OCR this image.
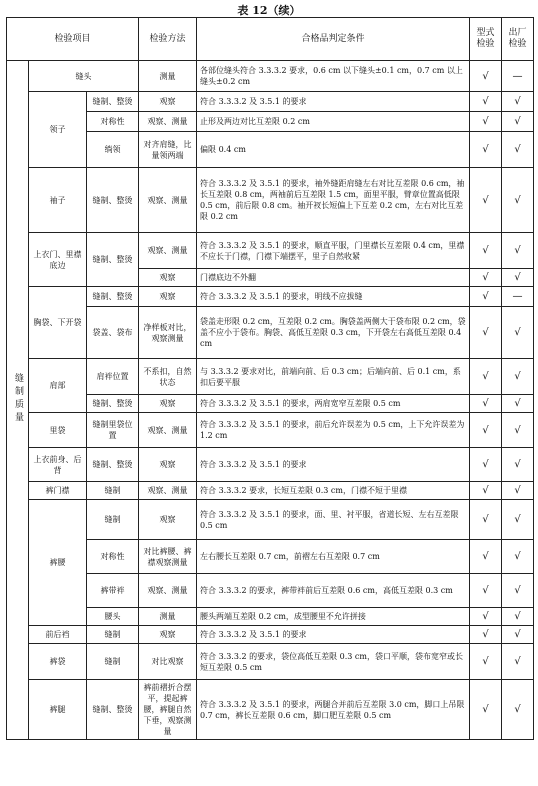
表 12（续）
检验项目			检验方法	合格品判定条件	型式检验	出厂检验
缝制质量	缝头		测量	各部位缝头符合 3.3.3.2 要求，0.6 cm 以下缝头±0.1 cm，0.7 cm 以上缝头±0.2 cm	√	—
	领子	缝制、整烫	观察	符合 3.3.3.2 及 3.5.1 的要求	√	√
		对称性	观察、测量	止形及两边对比互差限 0.2 cm	√	√
		绱领	对齐肩缝，比量领两端	偏限 0.4 cm	√	√
	袖子	缝制、整烫	观察、测量	符合 3.3.3.2 及 3.5.1 的要求，袖外缝距肩缝左右对比互差限 0.6 cm，袖长互差限 0.8 cm，两袖前后互差限 1.5 cm，面里平服，臂章位置高低限 0.5 cm，前后限 0.8 cm。袖开衩长短偏上下互差 0.2 cm，左右对比互差限 0.2 cm	√	√
	上衣门、里襟底边	缝制、整烫	观察、测量	符合 3.3.3.2 及 3.5.1 的要求，顺直平服，门里襟长互差限 0.4 cm，里襟不应长于门襟，门襟下端摆平，里子自然收紧	√	√
			观察	门襟底边不外翻	√	√
	胸袋、下开袋	缝制、整烫	观察	符合 3.3.3.2 及 3.5.1 的要求，明线不应拔缝	√	—
		袋盖、袋布	净样板对比，观察测量	袋盖走形限 0.2 cm，互差限 0.2 cm。胸袋盖两侧大于袋布限 0.2 cm，袋盖不应小于袋布。胸袋、高低互差限 0.3 cm，下开袋左右高低互差限 0.4 cm	√	√
	肩部	肩袢位置	不系扣，自然状态	与 3.3.3.2 要求对比，前端向前、后 0.3 cm；后端向前、后 0.1 cm，系扣后要平服	√	√
		缝制、整烫	观察	符合 3.3.3.2 及 3.5.1 的要求，两肩宽窄互差限 0.5 cm	√	√
	里袋	缝制里袋位置	观察、测量	符合 3.3.3.2 及 3.5.1 的要求，前后允许误差为 0.5 cm，上下允许误差为 1.2 cm	√	√
	上衣前身、后背	缝制、整烫	观察	符合 3.3.3.2 及 3.5.1 的要求	√	√
	裤门襟	缝制	观察、测量	符合 3.3.3.2 要求，长短互差限 0.3 cm，门襟不短于里襟	√	√
	裤腰	缝制	观察	符合 3.3.3.2 及 3.5.1 的要求，面、里、衬平服，省道长短、左右互差限 0.5 cm	√	√
		对称性	对比裤腰、裤襟观察测量	左右腰长互差限 0.7 cm，前褶左右互差限 0.7 cm	√	√
		裤带袢	观察、测量	符合 3.3.3.2 的要求，裤带袢前后互差限 0.6 cm，高低互差限 0.3 cm	√	√
		腰头	测量	腰头两端互差限 0.2 cm，成型腰里不允许拼接	√	√
	前后裆	缝制	观察	符合 3.3.3.2 及 3.5.1 的要求	√	√
	裤袋	缝制	对比观察	符合 3.3.3.2 的要求，袋位高低互差限 0.3 cm，袋口平顺，袋布宽窄或长短互差限 0.5 cm	√	√
	裤腿	缝制、整烫	裤前褶折合摆平，提起裤腰，裤腿自然下垂，观察测量	符合 3.3.3.2 及 3.5.1 的要求，两腿合并前后互差限 3.0 cm，脚口上吊限 0.7 cm，裤长互差限 0.6 cm，脚口肥互差限 0.5 cm	√	√
